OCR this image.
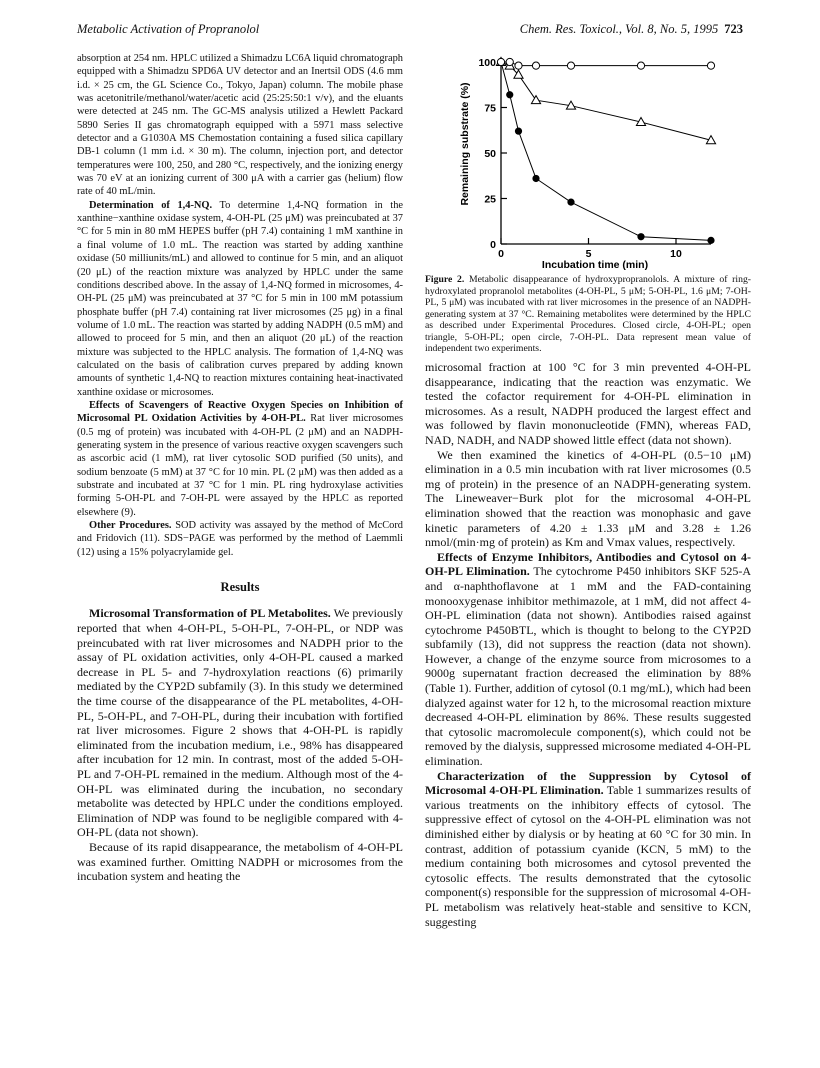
Metabolic Activation of Propranolol	Chem. Res. Toxicol., Vol. 8, No. 5, 1995 723

absorption at 254 nm. HPLC utilized a Shimadzu LC6A liquid chromatograph equipped with a Shimadzu SPD6A UV detector and an Inertsil ODS (4.6 mm i.d. × 25 cm, the GL Science Co., Tokyo, Japan) column. The mobile phase was acetonitrile/methanol/water/acetic acid (25:25:50:1 v/v), and the eluants were detected at 245 nm. The GC-MS analysis utilized a Hewlett Packard 5890 Series II gas chromatograph equipped with a 5971 mass selective detector and a G1030A MS Chemostation containing a fused silica capillary DB-1 column (1 mm i.d. × 30 m). The column, injection port, and detector temperatures were 100, 250, and 280 °C, respectively, and the ionizing energy was 70 eV at an ionizing current of 300 μA with a carrier gas (helium) flow rate of 40 mL/min.

Determination of 1,4-NQ. To determine 1,4-NQ formation in the xanthine−xanthine oxidase system, 4-OH-PL (25 μM) was preincubated at 37 °C for 5 min in 80 mM HEPES buffer (pH 7.4) containing 1 mM xanthine in a final volume of 1.0 mL. The reaction was started by adding xanthine oxidase (50 milliunits/mL) and allowed to continue for 5 min, and an aliquot (20 μL) of the reaction mixture was analyzed by HPLC under the same conditions described above. In the assay of 1,4-NQ formed in microsomes, 4-OH-PL (25 μM) was preincubated at 37 °C for 5 min in 100 mM potassium phosphate buffer (pH 7.4) containing rat liver microsomes (25 μg) in a final volume of 1.0 mL. The reaction was started by adding NADPH (0.5 mM) and allowed to proceed for 5 min, and then an aliquot (20 μL) of the reaction mixture was subjected to the HPLC analysis. The formation of 1,4-NQ was calculated on the basis of calibration curves prepared by adding known amounts of synthetic 1,4-NQ to reaction mixtures containing heat-inactivated xanthine oxidase or microsomes.

Effects of Scavengers of Reactive Oxygen Species on Inhibition of Microsomal PL Oxidation Activities by 4-OH-PL. Rat liver microsomes (0.5 mg of protein) was incubated with 4-OH-PL (2 μM) and an NADPH-generating system in the presence of various reactive oxygen scavengers such as ascorbic acid (1 mM), rat liver cytosolic SOD purified (50 units), and sodium benzoate (5 mM) at 37 °C for 10 min. PL (2 μM) was then added as a substrate and incubated at 37 °C for 1 min. PL ring hydroxylase activities forming 5-OH-PL and 7-OH-PL were assayed by the HPLC as reported elsewhere (9).

Other Procedures. SOD activity was assayed by the method of McCord and Fridovich (11). SDS−PAGE was performed by the method of Laemmli (12) using a 15% polyacrylamide gel.

Results

Microsomal Transformation of PL Metabolites. We previously reported that when 4-OH-PL, 5-OH-PL, 7-OH-PL, or NDP was preincubated with rat liver microsomes and NADPH prior to the assay of PL oxidation activities, only 4-OH-PL caused a marked decrease in PL 5- and 7-hydroxylation reactions (6) primarily mediated by the CYP2D subfamily (3). In this study we determined the time course of the disappearance of the PL metabolites, 4-OH-PL, 5-OH-PL, and 7-OH-PL, during their incubation with fortified rat liver microsomes. Figure 2 shows that 4-OH-PL is rapidly eliminated from the incubation medium, i.e., 98% has disappeared after incubation for 12 min. In contrast, most of the added 5-OH-PL and 7-OH-PL remained in the medium. Although most of the 4-OH-PL was eliminated during the incubation, no secondary metabolite was detected by HPLC under the conditions employed. Elimination of NDP was found to be negligible compared with 4-OH-PL (data not shown).

Because of its rapid disappearance, the metabolism of 4-OH-PL was examined further. Omitting NADPH or microsomes from the incubation system and heating the

Remaining substrate (%)
Incubation time (min)
0
25
50
75
100
0	5	10
Figure 2. Metabolic disappearance of hydroxypropranolols. A mixture of ring-hydroxylated propranolol metabolites (4-OH-PL, 5 μM; 5-OH-PL, 1.6 μM; 7-OH-PL, 5 μM) was incubated with rat liver microsomes in the presence of an NADPH-generating system at 37 °C. Remaining metabolites were determined by the HPLC as described under Experimental Procedures. Closed circle, 4-OH-PL; open triangle, 5-OH-PL; open circle, 7-OH-PL. Data represent mean value of independent two experiments.

microsomal fraction at 100 °C for 3 min prevented 4-OH-PL disappearance, indicating that the reaction was enzymatic. We tested the cofactor requirement for 4-OH-PL elimination in microsomes. As a result, NADPH produced the largest effect and was followed by flavin mononucleotide (FMN), whereas FAD, NAD, NADH, and NADP showed little effect (data not shown).

We then examined the kinetics of 4-OH-PL (0.5−10 μM) elimination in a 0.5 min incubation with rat liver microsomes (0.5 mg of protein) in the presence of an NADPH-generating system. The Lineweaver−Burk plot for the microsomal 4-OH-PL elimination showed that the reaction was monophasic and gave kinetic parameters of 4.20 ± 1.33 μM and 3.28 ± 1.26 nmol/(min·mg of protein) as Km and Vmax values, respectively.

Effects of Enzyme Inhibitors, Antibodies and Cytosol on 4-OH-PL Elimination. The cytochrome P450 inhibitors SKF 525-A and α-naphthoflavone at 1 mM and the FAD-containing monooxygenase inhibitor methimazole, at 1 mM, did not affect 4-OH-PL elimination (data not shown). Antibodies raised against cytochrome P450BTL, which is thought to belong to the CYP2D subfamily (13), did not suppress the reaction (data not shown). However, a change of the enzyme source from microsomes to a 9000g supernatant fraction decreased the elimination by 88% (Table 1). Further, addition of cytosol (0.1 mg/mL), which had been dialyzed against water for 12 h, to the microsomal reaction mixture decreased 4-OH-PL elimination by 86%. These results suggested that cytosolic macromolecule component(s), which could not be removed by the dialysis, suppressed microsome mediated 4-OH-PL elimination.

Characterization of the Suppression by Cytosol of Microsomal 4-OH-PL Elimination. Table 1 summarizes results of various treatments on the inhibitory effects of cytosol. The suppressive effect of cytosol on the 4-OH-PL elimination was not diminished either by dialysis or by heating at 60 °C for 30 min. In contrast, addition of potassium cyanide (KCN, 5 mM) to the medium containing both microsomes and cytosol prevented the cytosolic effects. The results demonstrated that the cytosolic component(s) responsible for the suppression of microsomal 4-OH-PL metabolism was relatively heat-stable and sensitive to KCN, suggesting
